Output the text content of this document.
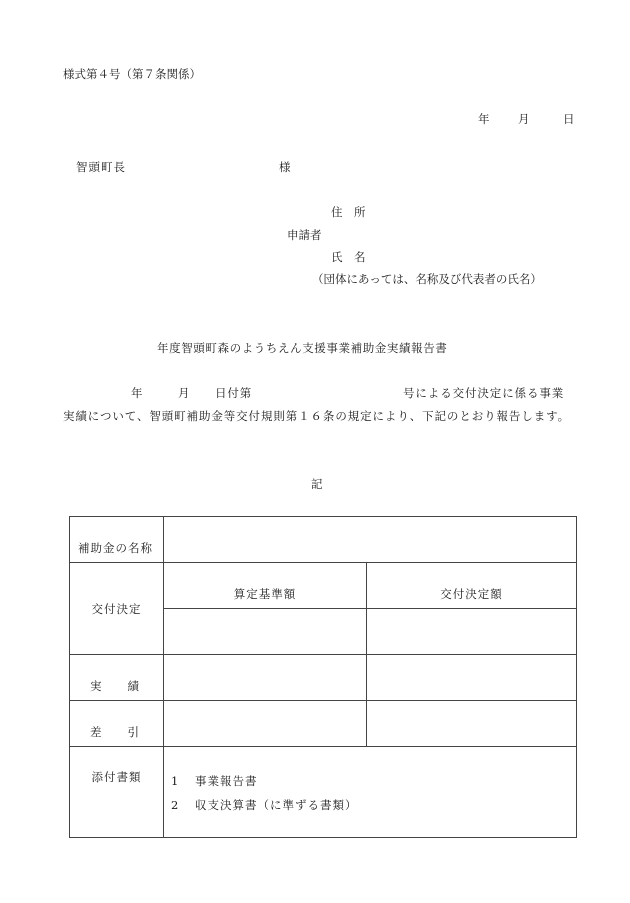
様式第４号（第７条関係）
年 月	日
智頭町長	様
住　所
申請者
氏　名
（団体にあっては、名称及び代表者の氏名）
年度智頭町森のようちえん支援事業補助金実績報告書
年	月	日付第	号による交付決定に係る事業
実績について、智頭町補助金等交付規則第１６条の規定により、下記のとおり報告します。
記
補助金の名称		
交付決定	算定基準額	交付決定額

実　　績		
差　　引		
添付書類	1 事業報告書
2 収支決算書（に準ずる書類）	
